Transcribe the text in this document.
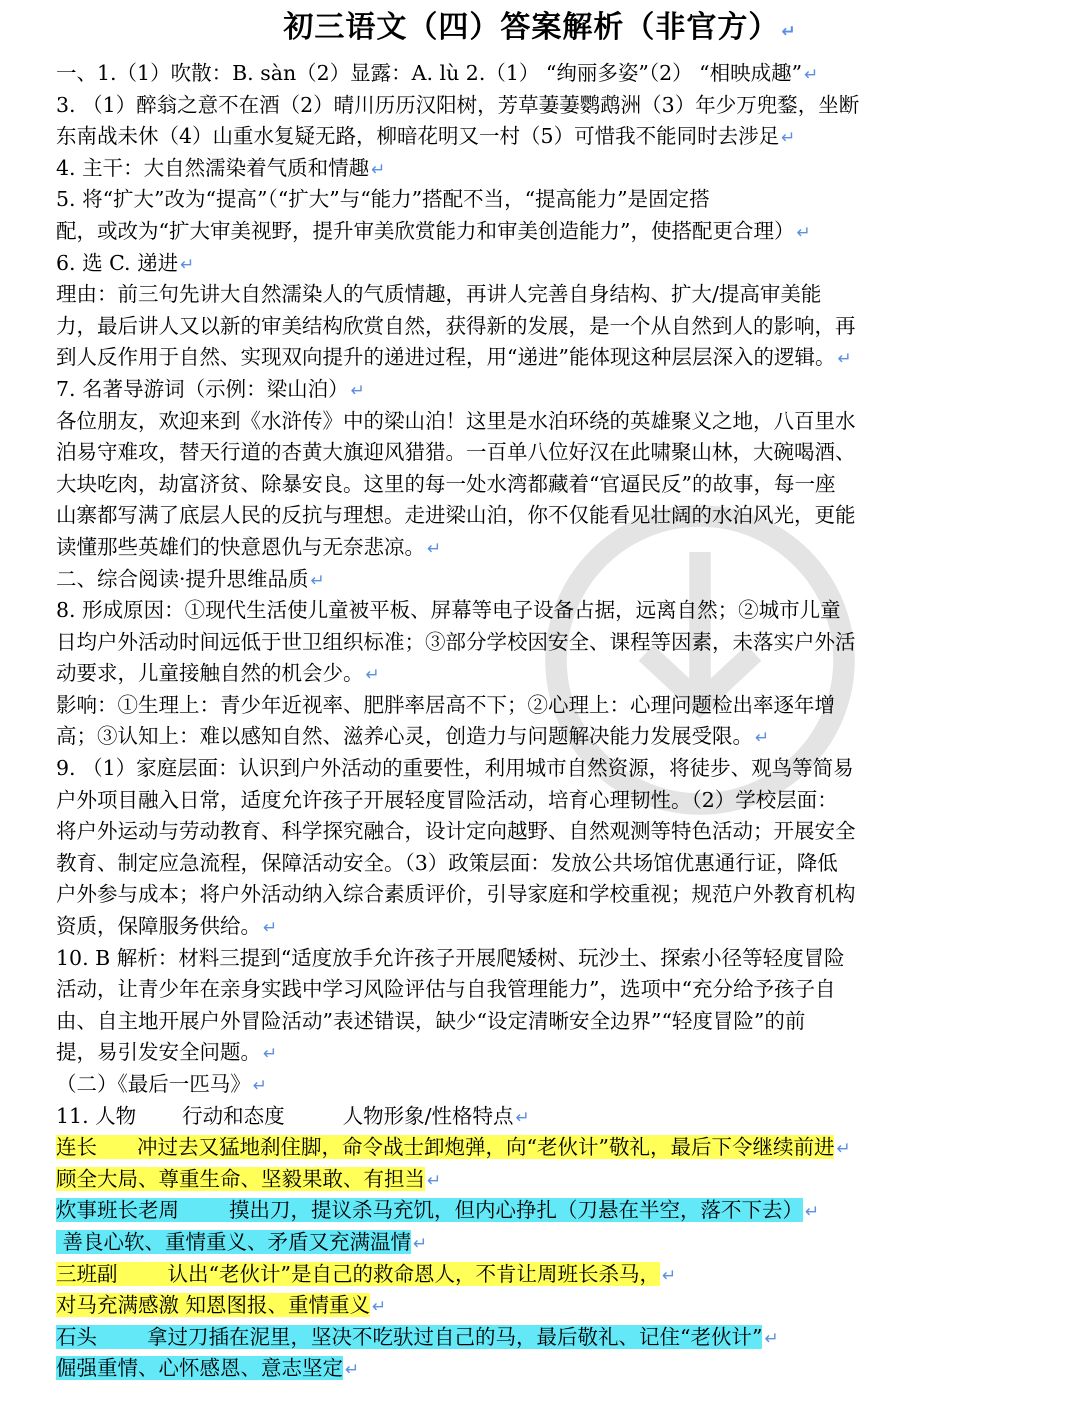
初三语文（四）答案解析（非官方） ↵
一、1.（1）吹散：B. sàn（2）显露：A. lù 2.（1） “绚丽多姿”（2） “相映成趣” ↵
3. （1）醉翁之意不在酒（2）晴川历历汉阳树，芳草萋萋鹦鹉洲（3）年少万兜鍪，坐断
东南战未休（4）山重水复疑无路，柳暗花明又一村（5）可惜我不能同时去涉足 ↵
4. 主干：大自然濡染着气质和情趣 ↵
5. 将“扩大”改为“提高”（“扩大”与“能力”搭配不当，“提高能力”是固定搭
配，或改为“扩大审美视野，提升审美欣赏能力和审美创造能力”，使搭配更合理） ↵
6. 选 C. 递进 ↵
理由：前三句先讲大自然濡染人的气质情趣，再讲人完善自身结构、扩大/提高审美能
力，最后讲人又以新的审美结构欣赏自然，获得新的发展，是一个从自然到人的影响，再
到人反作用于自然、实现双向提升的递进过程，用“递进”能体现这种层层深入的逻辑。 ↵
7. 名著导游词（示例：梁山泊） ↵
各位朋友，欢迎来到《水浒传》中的梁山泊！这里是水泊环绕的英雄聚义之地，八百里水
泊易守难攻，替天行道的杏黄大旗迎风猎猎。一百单八位好汉在此啸聚山林，大碗喝酒、
大块吃肉，劫富济贫、除暴安良。这里的每一处水湾都藏着“官逼民反”的故事，每一座
山寨都写满了底层人民的反抗与理想。走进梁山泊，你不仅能看见壮阔的水泊风光，更能
读懂那些英雄们的快意恩仇与无奈悲凉。 ↵
二、综合阅读·提升思维品质 ↵
8. 形成原因：①现代生活使儿童被平板、屏幕等电子设备占据，远离自然；②城市儿童
日均户外活动时间远低于世卫组织标准；③部分学校因安全、课程等因素，未落实户外活
动要求，儿童接触自然的机会少。 ↵
影响：①生理上：青少年近视率、肥胖率居高不下；②心理上：心理问题检出率逐年增
高；③认知上：难以感知自然、滋养心灵，创造力与问题解决能力发展受限。 ↵
9. （1）家庭层面：认识到户外活动的重要性，利用城市自然资源，将徒步、观鸟等简易
户外项目融入日常，适度允许孩子开展轻度冒险活动，培育心理韧性。（2）学校层面：
将户外运动与劳动教育、科学探究融合，设计定向越野、自然观测等特色活动；开展安全
教育、制定应急流程，保障活动安全。（3）政策层面：发放公共场馆优惠通行证，降低
户外参与成本；将户外活动纳入综合素质评价，引导家庭和学校重视；规范户外教育机构
资质，保障服务供给。 ↵
10. B 解析：材料三提到“适度放手允许孩子开展爬矮树、玩沙土、探索小径等轻度冒险
活动，让青少年在亲身实践中学习风险评估与自我管理能力”，选项中“充分给予孩子自
由、自主地开展户外冒险活动”表述错误，缺少“设定清晰安全边界”“轻度冒险”的前
提，易引发安全问题。 ↵
（二）《最后一匹马》 ↵
11. 人物 行动和态度	人物形象/性格特点 ↵
连长 冲过去又猛地刹住脚，命令战士卸炮弹，向“老伙计”敬礼，最后下令继续前进 ↵
顾全大局、尊重生命、坚毅果敢、有担当 ↵
炊事班长老周 摸出刀，提议杀马充饥，但内心挣扎（刀悬在半空，落不下去） ↵
善良心软、重情重义、矛盾又充满温情 ↵
三班副 认出“老伙计”是自己的救命恩人，不肯让周班长杀马， ↵
对马充满感激 知恩图报、重情重义 ↵
石头 拿过刀插在泥里，坚决不吃驮过自己的马，最后敬礼、记住“老伙计” ↵
倔强重情、心怀感恩、意志坚定 ↵
